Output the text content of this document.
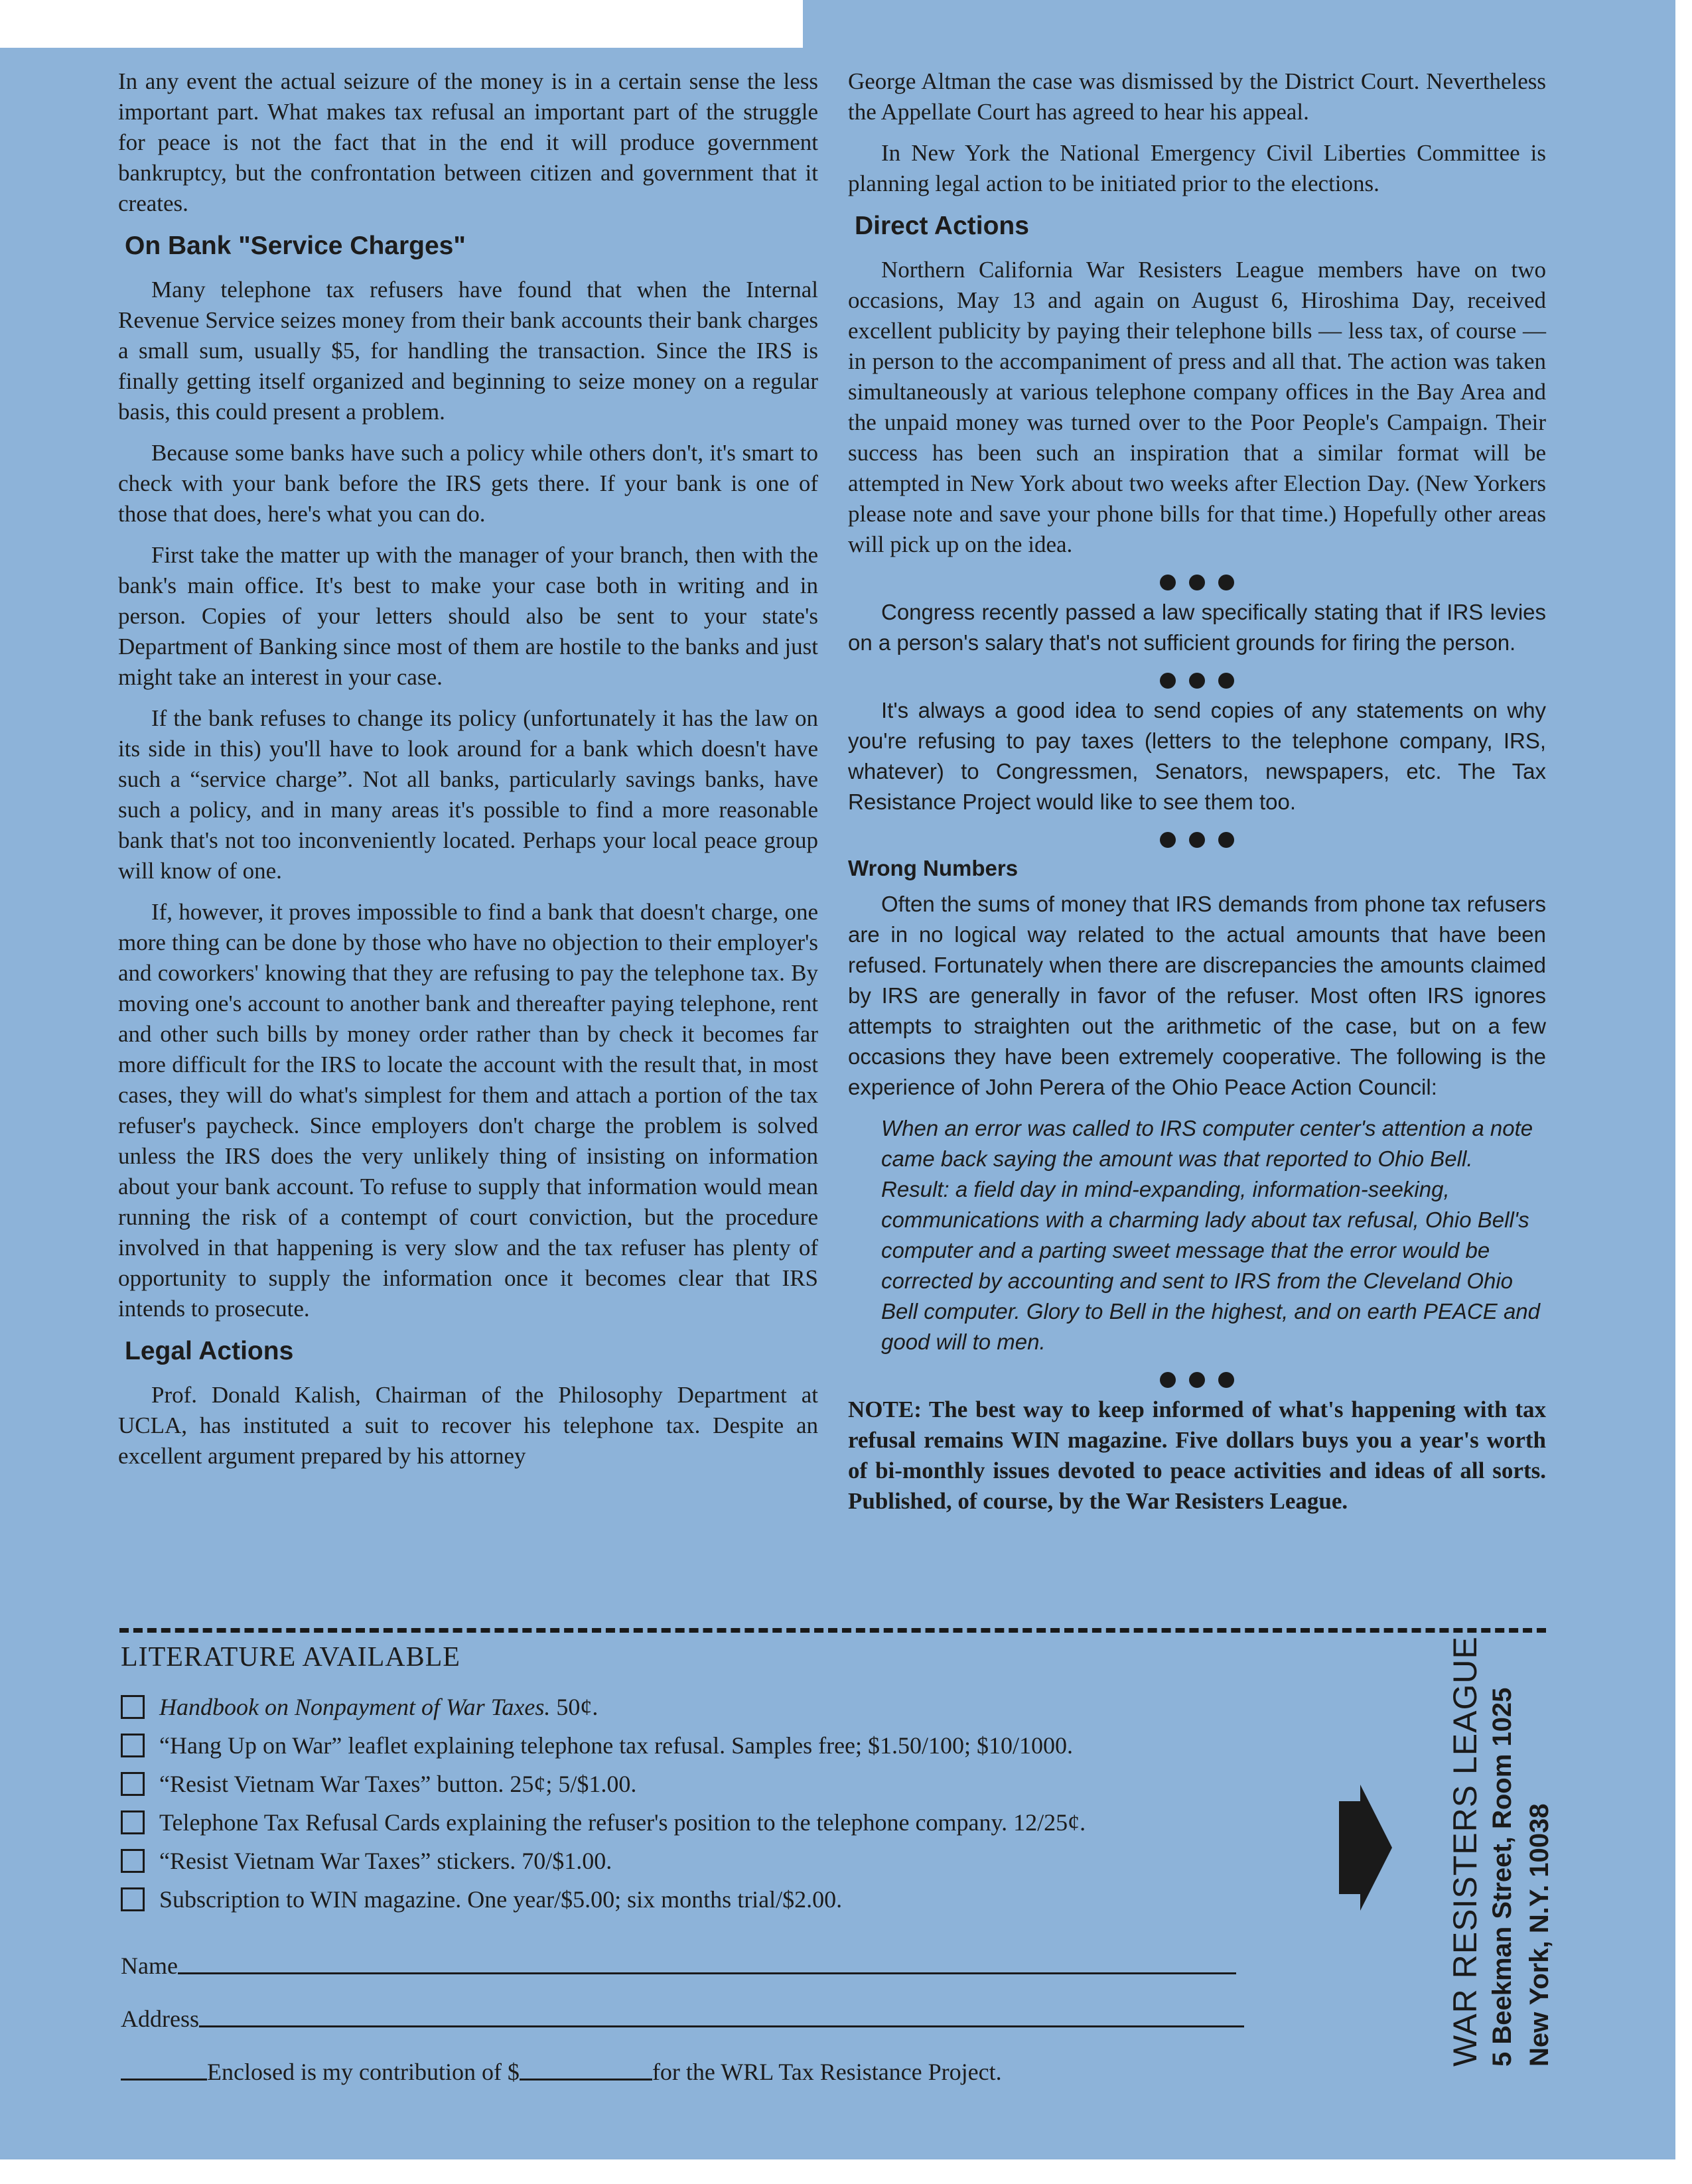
In any event the actual seizure of the money is in a certain sense the less important part. What makes tax refusal an important part of the struggle for peace is not the fact that in the end it will produce government bankruptcy, but the confrontation between citizen and government that it creates.

On Bank "Service Charges"

Many telephone tax refusers have found that when the Internal Revenue Service seizes money from their bank accounts their bank charges a small sum, usually $5, for handling the transaction. Since the IRS is finally getting itself organized and beginning to seize money on a regular basis, this could present a problem.

Because some banks have such a policy while others don't, it's smart to check with your bank before the IRS gets there. If your bank is one of those that does, here's what you can do.

First take the matter up with the manager of your branch, then with the bank's main office. It's best to make your case both in writing and in person. Copies of your letters should also be sent to your state's Department of Banking since most of them are hostile to the banks and just might take an interest in your case.

If the bank refuses to change its policy (unfortunately it has the law on its side in this) you'll have to look around for a bank which doesn't have such a “service charge”. Not all banks, particularly savings banks, have such a policy, and in many areas it's possible to find a more reasonable bank that's not too inconveniently located. Perhaps your local peace group will know of one.

If, however, it proves impossible to find a bank that doesn't charge, one more thing can be done by those who have no objection to their employer's and coworkers' knowing that they are refusing to pay the telephone tax. By moving one's account to another bank and thereafter paying telephone, rent and other such bills by money order rather than by check it becomes far more difficult for the IRS to locate the account with the result that, in most cases, they will do what's simplest for them and attach a portion of the tax refuser's paycheck. Since employers don't charge the problem is solved unless the IRS does the very unlikely thing of insisting on information about your bank account. To refuse to supply that information would mean running the risk of a contempt of court conviction, but the procedure involved in that happening is very slow and the tax refuser has plenty of opportunity to supply the information once it becomes clear that IRS intends to prosecute.

Legal Actions

Prof. Donald Kalish, Chairman of the Philosophy Department at UCLA, has instituted a suit to recover his telephone tax. Despite an excellent argument prepared by his attorney

George Altman the case was dismissed by the District Court. Nevertheless the Appellate Court has agreed to hear his appeal.

In New York the National Emergency Civil Liberties Committee is planning legal action to be initiated prior to the elections.

Direct Actions

Northern California War Resisters League members have on two occasions, May 13 and again on August 6, Hiroshima Day, received excellent publicity by paying their telephone bills — less tax, of course — in person to the accompaniment of press and all that. The action was taken simultaneously at various telephone company offices in the Bay Area and the unpaid money was turned over to the Poor People's Campaign. Their success has been such an inspiration that a similar format will be attempted in New York about two weeks after Election Day. (New Yorkers please note and save your phone bills for that time.) Hopefully other areas will pick up on the idea.

Congress recently passed a law specifically stating that if IRS levies on a person's salary that's not sufficient grounds for firing the person.

It's always a good idea to send copies of any statements on why you're refusing to pay taxes (letters to the telephone company, IRS, whatever) to Congressmen, Senators, newspapers, etc. The Tax Resistance Project would like to see them too.

Wrong Numbers

Often the sums of money that IRS demands from phone tax refusers are in no logical way related to the actual amounts that have been refused. Fortunately when there are discrepancies the amounts claimed by IRS are generally in favor of the refuser. Most often IRS ignores attempts to straighten out the arithmetic of the case, but on a few occasions they have been extremely cooperative. The following is the experience of John Perera of the Ohio Peace Action Council:

When an error was called to IRS computer center's attention a note came back saying the amount was that reported to Ohio Bell. Result: a field day in mind-expanding, information-seeking, communications with a charming lady about tax refusal, Ohio Bell's computer and a parting sweet message that the error would be corrected by accounting and sent to IRS from the Cleveland Ohio Bell computer. Glory to Bell in the highest, and on earth PEACE and good will to men.

NOTE: The best way to keep informed of what's happening with tax refusal remains WIN magazine. Five dollars buys you a year's worth of bi-monthly issues devoted to peace activities and ideas of all sorts. Published, of course, by the War Resisters League.

LITERATURE AVAILABLE
Handbook on Nonpayment of War Taxes. 50¢.
“Hang Up on War” leaflet explaining telephone tax refusal. Samples free; $1.50/100; $10/1000.
“Resist Vietnam War Taxes” button. 25¢; 5/$1.00.
Telephone Tax Refusal Cards explaining the refuser's position to the telephone company. 12/25¢.
“Resist Vietnam War Taxes” stickers. 70/$1.00.
Subscription to WIN magazine. One year/$5.00; six months trial/$2.00.
Name
Address
Enclosed is my contribution of $	for the WRL Tax Resistance Project.
WAR RESISTERS LEAGUE 5 Beekman Street, Room 1025 New York, N.Y. 10038
